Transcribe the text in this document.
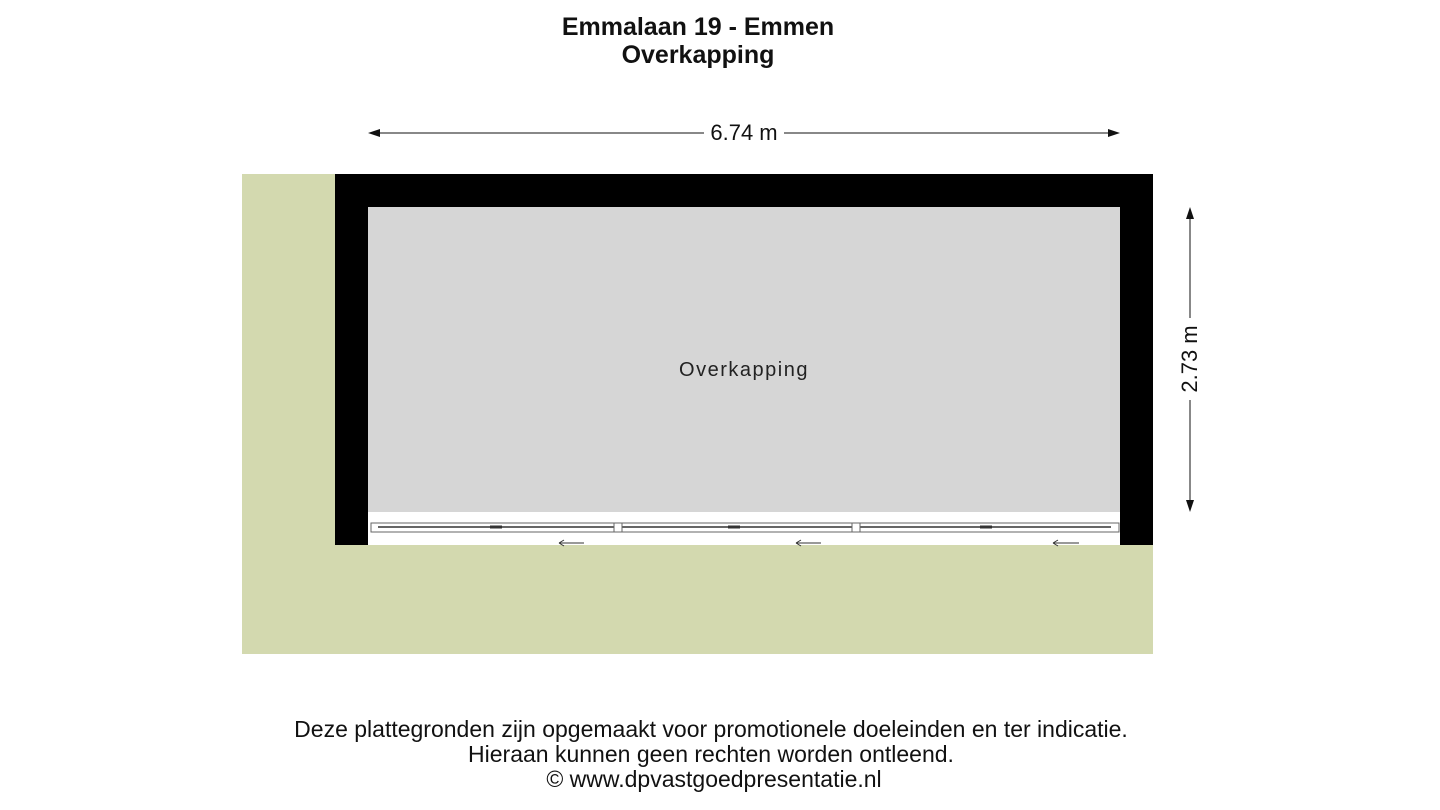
Emmalaan 19 - Emmen
Overkapping
6.74 m
2.73 m
Overkapping
Deze plattegronden zijn opgemaakt voor promotionele doeleinden en ter indicatie.
Hieraan kunnen geen rechten worden ontleend.
© www.dpvastgoedpresentatie.nl
